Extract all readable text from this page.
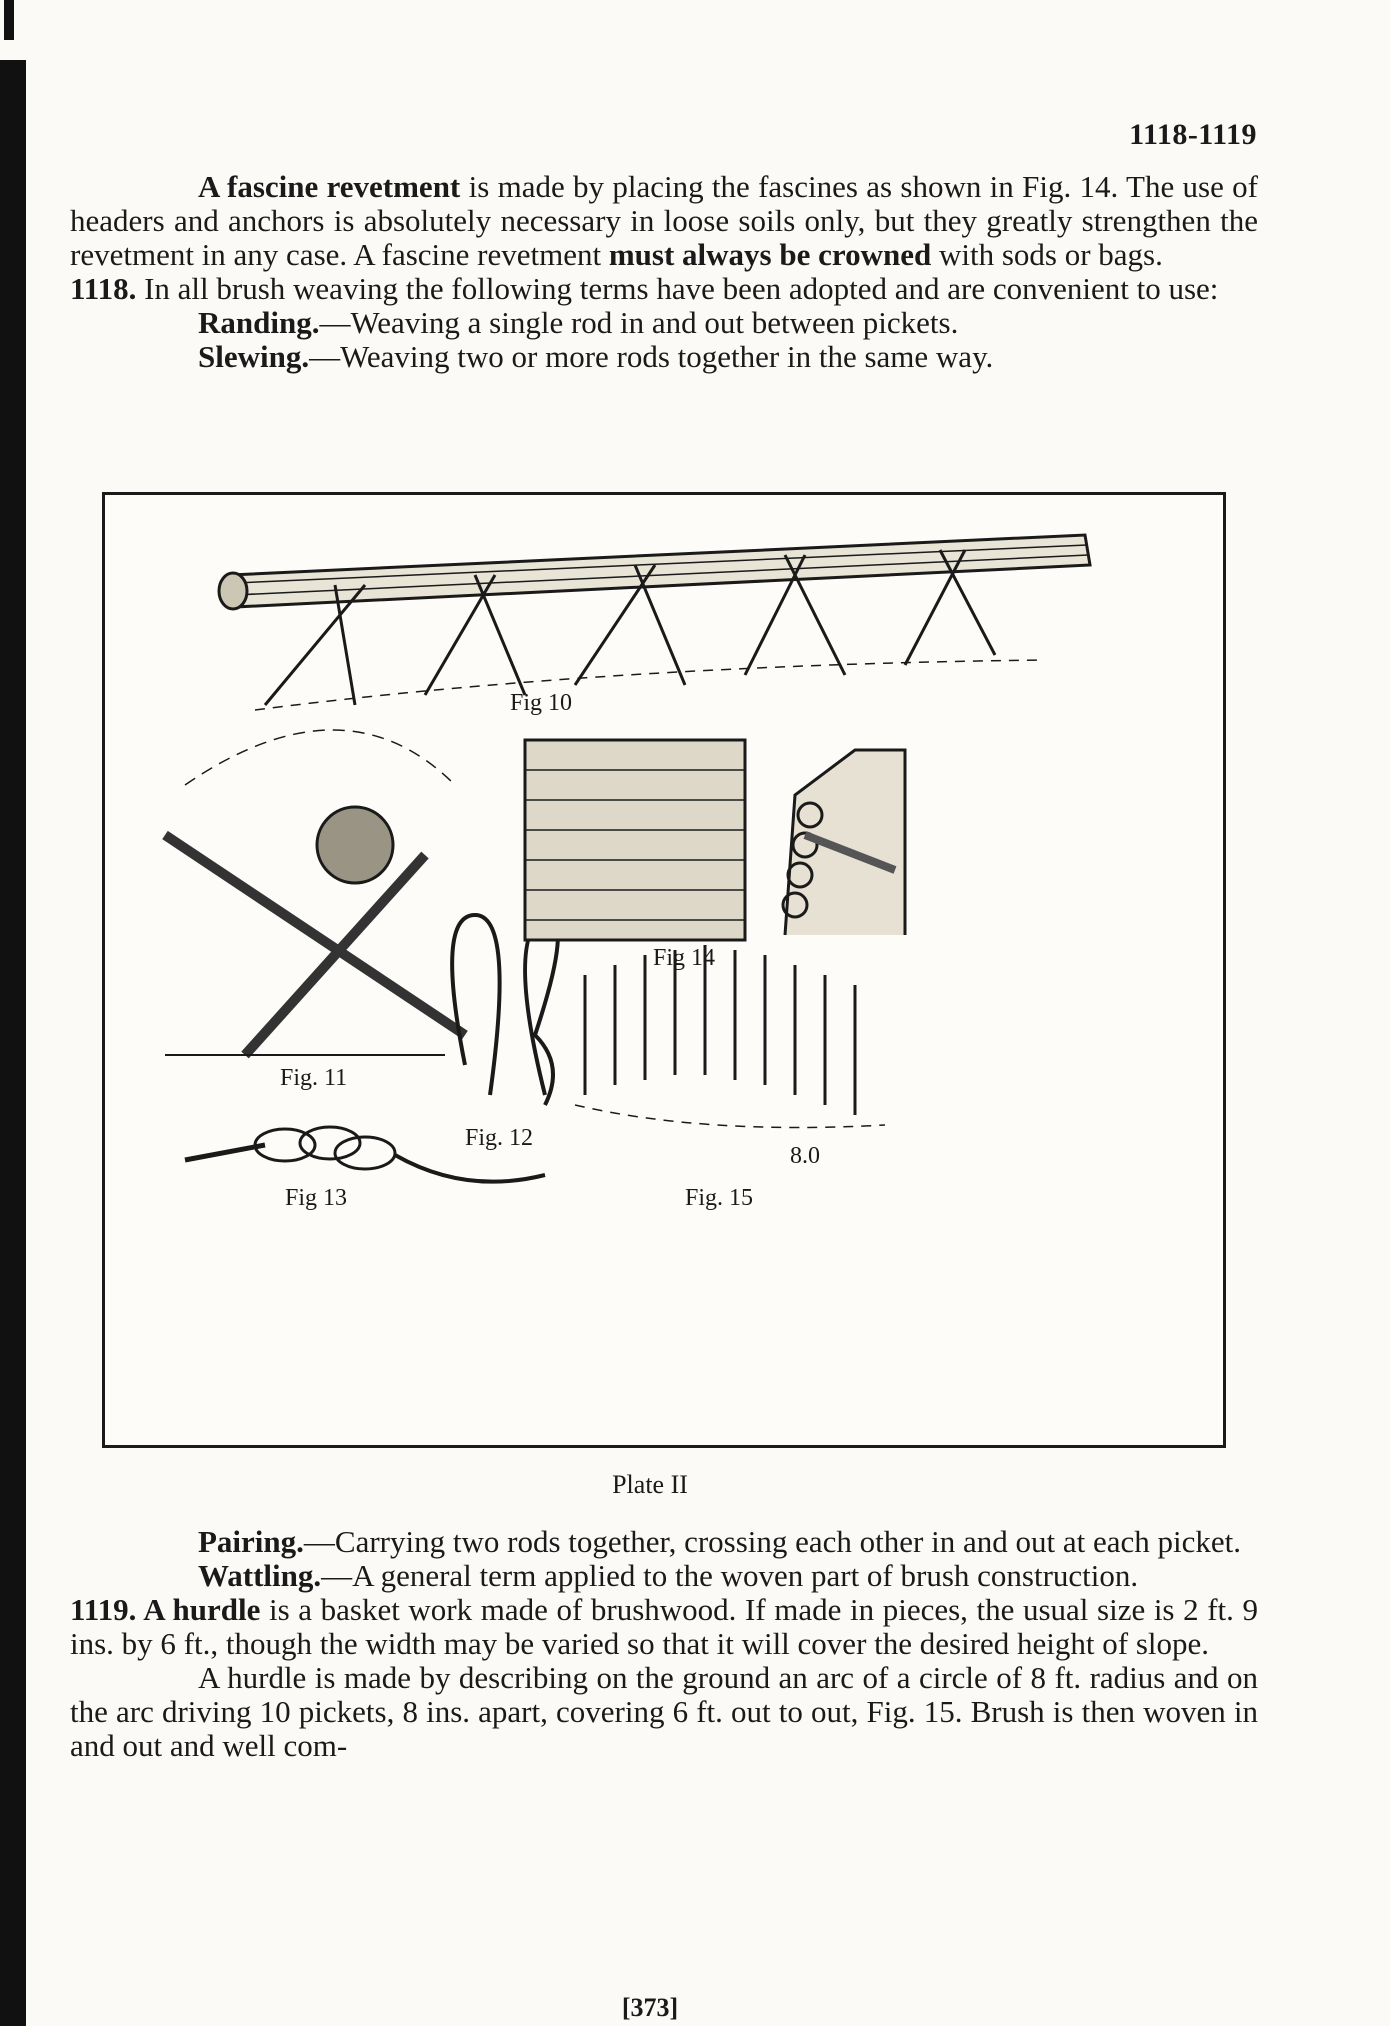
1118-1119

A fascine revetment is made by placing the fascines as shown in Fig. 14. The use of headers and anchors is absolutely necessary in loose soils only, but they greatly strengthen the revetment in any case. A fascine revetment must always be crowned with sods or bags.

1118. In all brush weaving the following terms have been adopted and are convenient to use:

Randing.—Weaving a single rod in and out between pickets.

Slewing.—Weaving two or more rods together in the same way.

Fig 10
Fig. 11
Fig. 12
Fig 13
Fig 14
Fig. 15
8.0
Plate II

Pairing.—Carrying two rods together, crossing each other in and out at each picket.

Wattling.—A general term applied to the woven part of brush construction.

1119. A hurdle is a basket work made of brushwood. If made in pieces, the usual size is 2 ft. 9 ins. by 6 ft., though the width may be varied so that it will cover the desired height of slope.

A hurdle is made by describing on the ground an arc of a circle of 8 ft. radius and on the arc driving 10 pickets, 8 ins. apart, covering 6 ft. out to out, Fig. 15. Brush is then woven in and out and well com-

[373]
